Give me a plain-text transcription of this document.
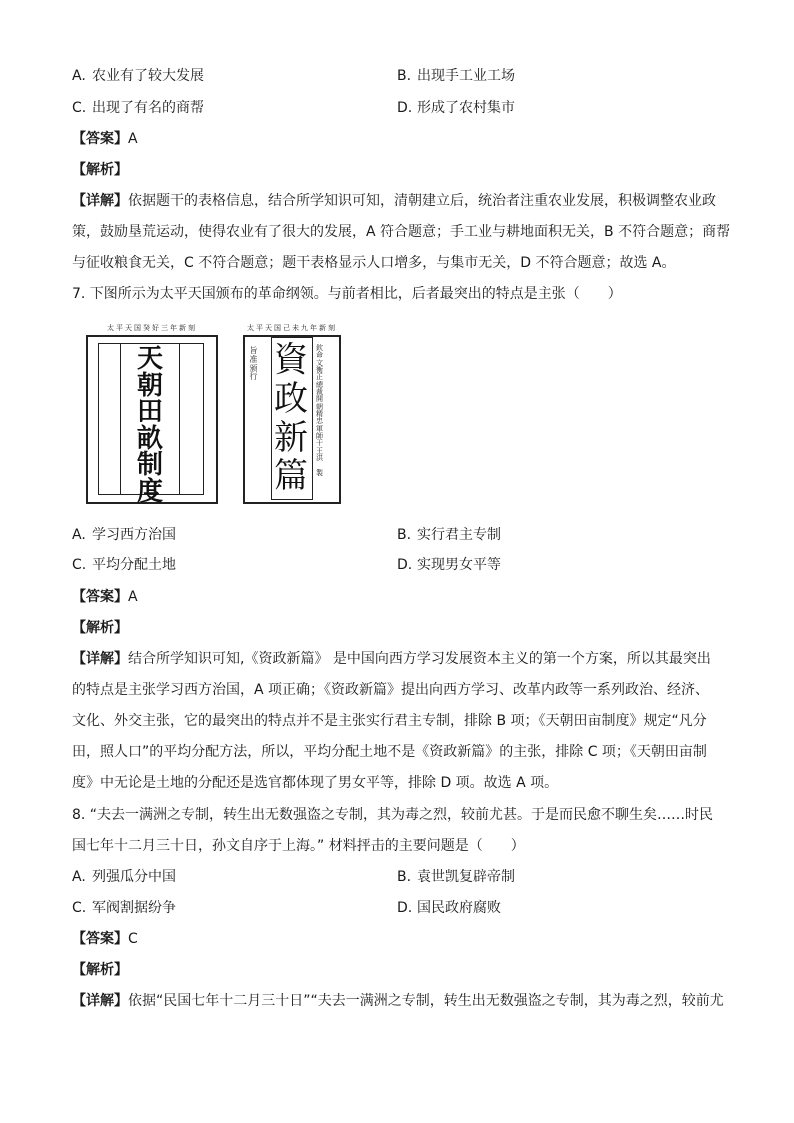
A. 农业有了较大发展	B. 出现手工业工场
C. 出现了有名的商帮	D. 形成了农村集市
【答案】A
【解析】
【详解】依据题干的表格信息，结合所学知识可知，清朝建立后，统治者注重农业发展，积极调整农业政
策，鼓励垦荒运动，使得农业有了很大的发展，A 符合题意；手工业与耕地面积无关，B 不符合题意；商帮
与征收粮食无关，C 不符合题意；题干表格显示人口增多，与集市无关，D 不符合题意；故选 A。
7. 下图所示为太平天国颁布的革命纲领。与前者相比，后者最突出的特点是主张（　　）
太平天国癸好三年新刻
天
朝
田
畝
制
度
太平天国己未九年新刻
旨
准
颁
行 資
政
新
篇
欽
命
文
衡
正
總
裁
開
朝
精
忠
軍
師
干
王
洪

製
A. 学习西方治国	B. 实行君主专制
C. 平均分配土地	D. 实现男女平等
【答案】A
【解析】
【详解】结合所学知识可知,《资政新篇》 是中国向西方学习发展资本主义的第一个方案，所以其最突出
的特点是主张学习西方治国，A 项正确；《资政新篇》提出向西方学习、改革内政等一系列政治、经济、
文化、外交主张，它的最突出的特点并不是主张实行君主专制，排除 B 项；《天朝田亩制度》规定“凡分
田，照人口”的平均分配方法，所以，平均分配土地不是《资政新篇》的主张，排除 C 项；《天朝田亩制
度》中无论是土地的分配还是选官都体现了男女平等，排除 D 项。故选 A 项。
8. “夫去一满洲之专制，转生出无数强盗之专制，其为毒之烈，较前尤甚。于是而民愈不聊生矣……时民
国七年十二月三十日，孙文自序于上海。” 材料抨击的主要问题是（　　）
A. 列强瓜分中国	B. 袁世凯复辟帝制
C. 军阀割据纷争	D. 国民政府腐败
【答案】C
【解析】
【详解】依据“民国七年十二月三十日”“夫去一满洲之专制，转生出无数强盗之专制，其为毒之烈，较前尤
